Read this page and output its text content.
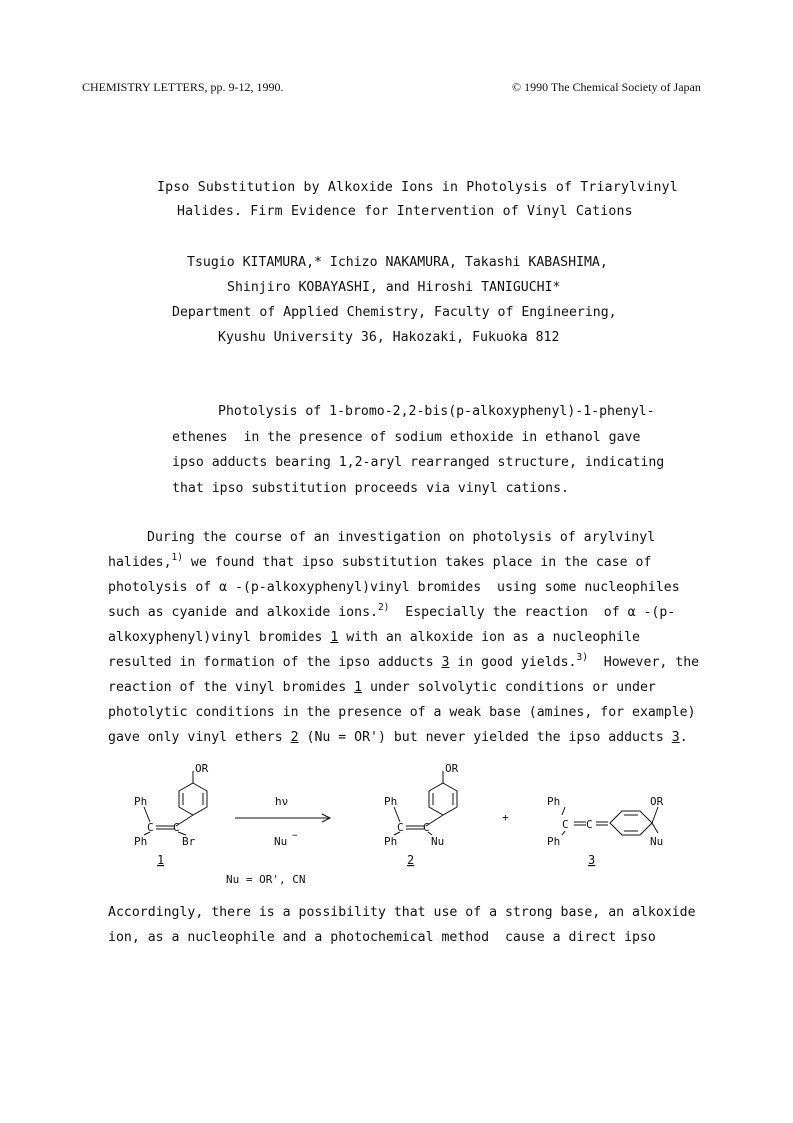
CHEMISTRY LETTERS, pp. 9-12, 1990.	© 1990 The Chemical Society of Japan
Ipso Substitution by Alkoxide Ions in Photolysis of Triarylvinyl
Halides. Firm Evidence for Intervention of Vinyl Cations
Tsugio KITAMURA,* Ichizo NAKAMURA, Takashi KABASHIMA,
Shinjiro KOBAYASHI, and Hiroshi TANIGUCHI*
Department of Applied Chemistry, Faculty of Engineering,
Kyushu University 36, Hakozaki, Fukuoka 812
Photolysis of 1-bromo-2,2-bis(p-alkoxyphenyl)-1-phenyl-
ethenes  in the presence of sodium ethoxide in ethanol gave
ipso adducts bearing 1,2-aryl rearranged structure, indicating
that ipso substitution proceeds via vinyl cations.
During the course of an investigation on photolysis of arylvinyl
halides,$^{1)}$ we found that ipso substitution takes place in the case of
photolysis of α -(p-alkoxyphenyl)vinyl bromides  using some nucleophiles
such as cyanide and alkoxide ions.$^{2)}$  Especially the reaction  of α -(p-
alkoxyphenyl)vinyl bromides 1 with an alkoxide ion as a nucleophile
resulted in formation of the ipso adducts 3 in good yields.$^{3)}$  However, the
reaction of the vinyl bromides 1 under solvolytic conditions or under
photolytic conditions in the presence of a weak base (amines, for example)
gave only vinyl ethers 2 (Nu = OR') but never yielded the ipso adducts 3.
OR
Ph
Ph
C C
Br
1
hν
Nu −
Nu = OR', CN
OR
Ph
Ph
C C
Nu
2
+
Ph
Ph
C C
OR
Nu
3
Accordingly, there is a possibility that use of a strong base, an alkoxide
ion, as a nucleophile and a photochemical method  cause a direct ipso
